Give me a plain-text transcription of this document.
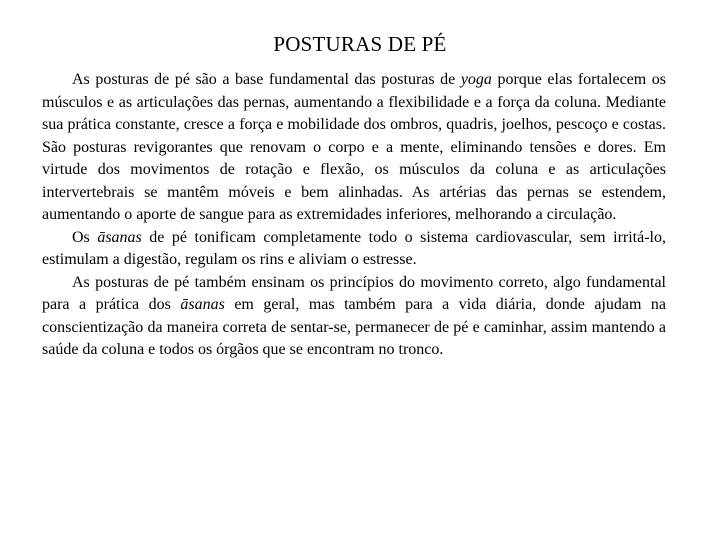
POSTURAS DE PÉ

As posturas de pé são a base fundamental das posturas de yoga porque elas fortalecem os músculos e as articulações das pernas, aumentando a flexibilidade e a força da coluna. Mediante sua prática constante, cresce a força e mobilidade dos ombros, quadris, joelhos, pescoço e costas. São posturas revigorantes que renovam o corpo e a mente, eliminando tensões e dores. Em virtude dos movimentos de rotação e flexão, os músculos da coluna e as articulações intervertebrais se mantêm móveis e bem alinhadas. As artérias das pernas se estendem, aumentando o aporte de sangue para as extremidades inferiores, melhorando a circulação.

Os āsanas de pé tonificam completamente todo o sistema cardiovascular, sem irritá-lo, estimulam a digestão, regulam os rins e aliviam o estresse.

As posturas de pé também ensinam os princípios do movimento correto, algo fundamental para a prática dos āsanas em geral, mas também para a vida diária, donde ajudam na conscientização da maneira correta de sentar-se, permanecer de pé e caminhar, assim mantendo a saúde da coluna e todos os órgãos que se encontram no tronco.
